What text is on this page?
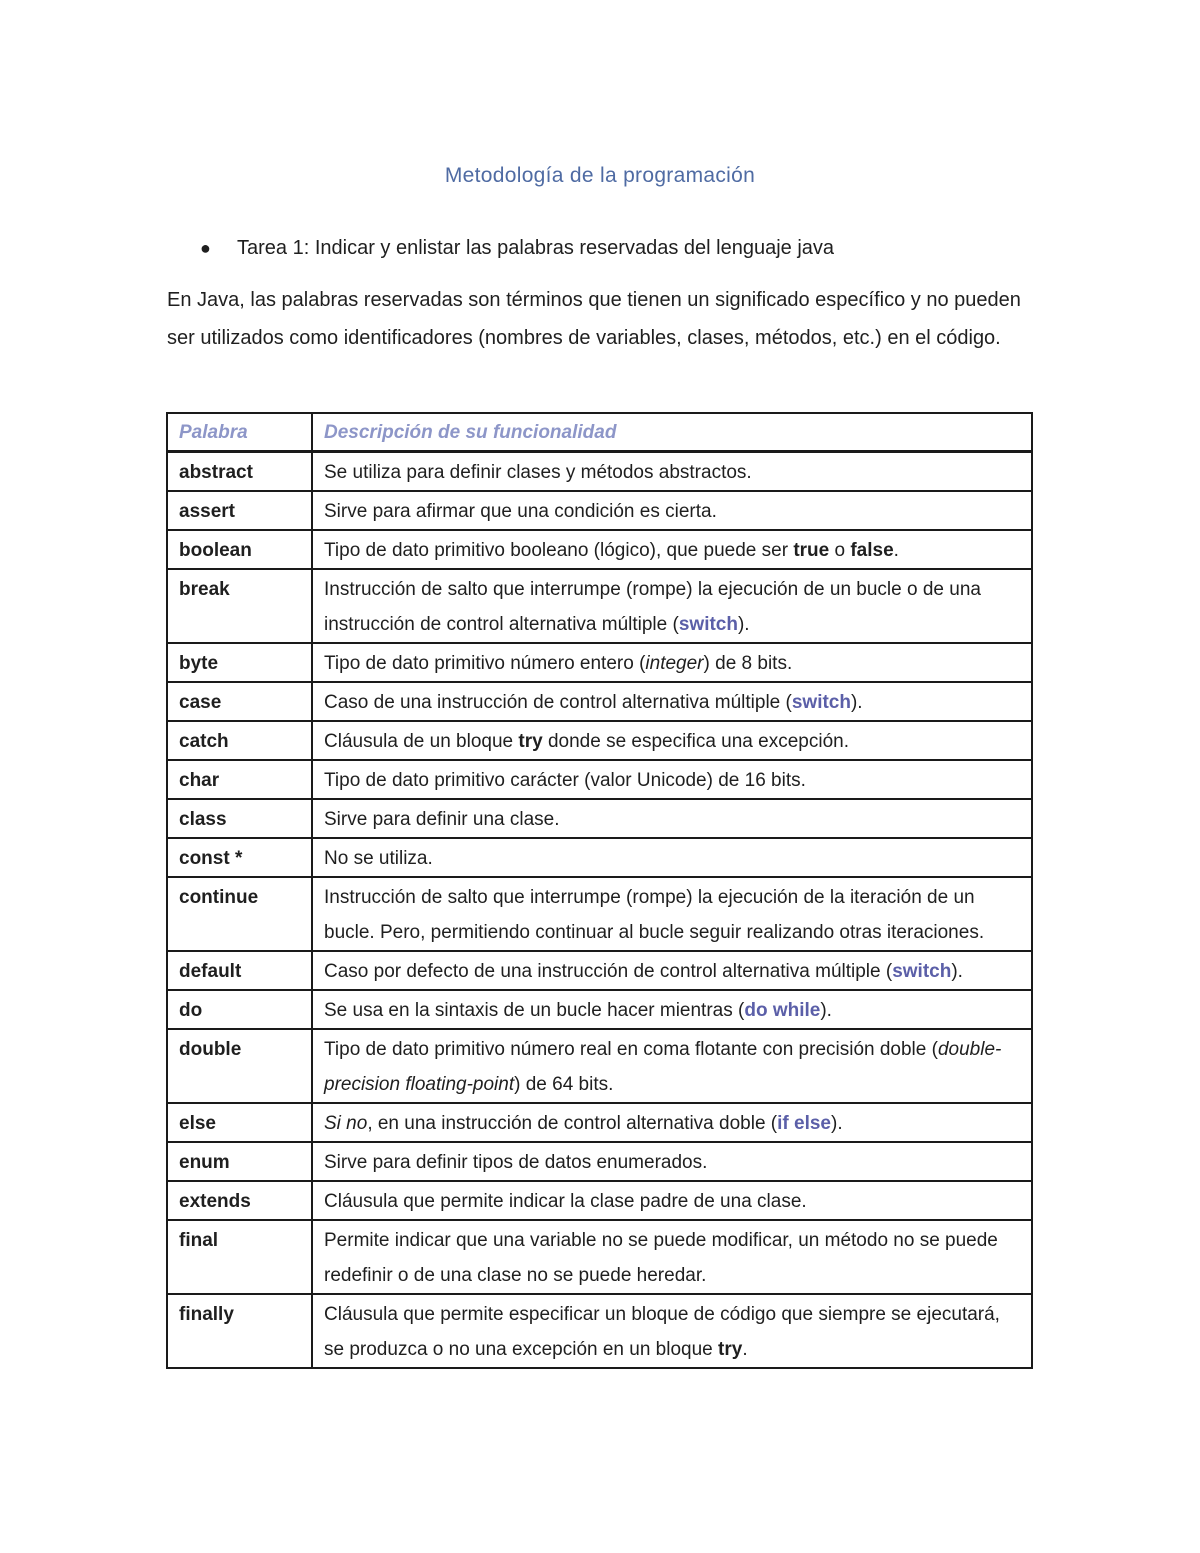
Metodología de la programación
● Tarea 1: Indicar y enlistar las palabras reservadas del lenguaje java
En Java, las palabras reservadas son términos que tienen un significado específico y no pueden ser utilizados como identificadores (nombres de variables, clases, métodos, etc.) en el código.
Palabra	Descripción de su funcionalidad
abstract	Se utiliza para definir clases y métodos abstractos.
assert	Sirve para afirmar que una condición es cierta.
boolean	Tipo de dato primitivo booleano (lógico), que puede ser true o false.
break	Instrucción de salto que interrumpe (rompe) la ejecución de un bucle o de una instrucción de control alternativa múltiple (switch).
byte	Tipo de dato primitivo número entero (integer) de 8 bits.
case	Caso de una instrucción de control alternativa múltiple (switch).
catch	Cláusula de un bloque try donde se especifica una excepción.
char	Tipo de dato primitivo carácter (valor Unicode) de 16 bits.
class	Sirve para definir una clase.
const *	No se utiliza.
continue	Instrucción de salto que interrumpe (rompe) la ejecución de la iteración de un bucle. Pero, permitiendo continuar al bucle seguir realizando otras iteraciones.
default	Caso por defecto de una instrucción de control alternativa múltiple (switch).
do	Se usa en la sintaxis de un bucle hacer mientras (do while).
double	Tipo de dato primitivo número real en coma flotante con precisión doble (double-precision floating-point) de 64 bits.
else	Si no, en una instrucción de control alternativa doble (if else).
enum	Sirve para definir tipos de datos enumerados.
extends	Cláusula que permite indicar la clase padre de una clase.
final	Permite indicar que una variable no se puede modificar, un método no se puede redefinir o de una clase no se puede heredar.
finally	Cláusula que permite especificar un bloque de código que siempre se ejecutará, se produzca o no una excepción en un bloque try.
